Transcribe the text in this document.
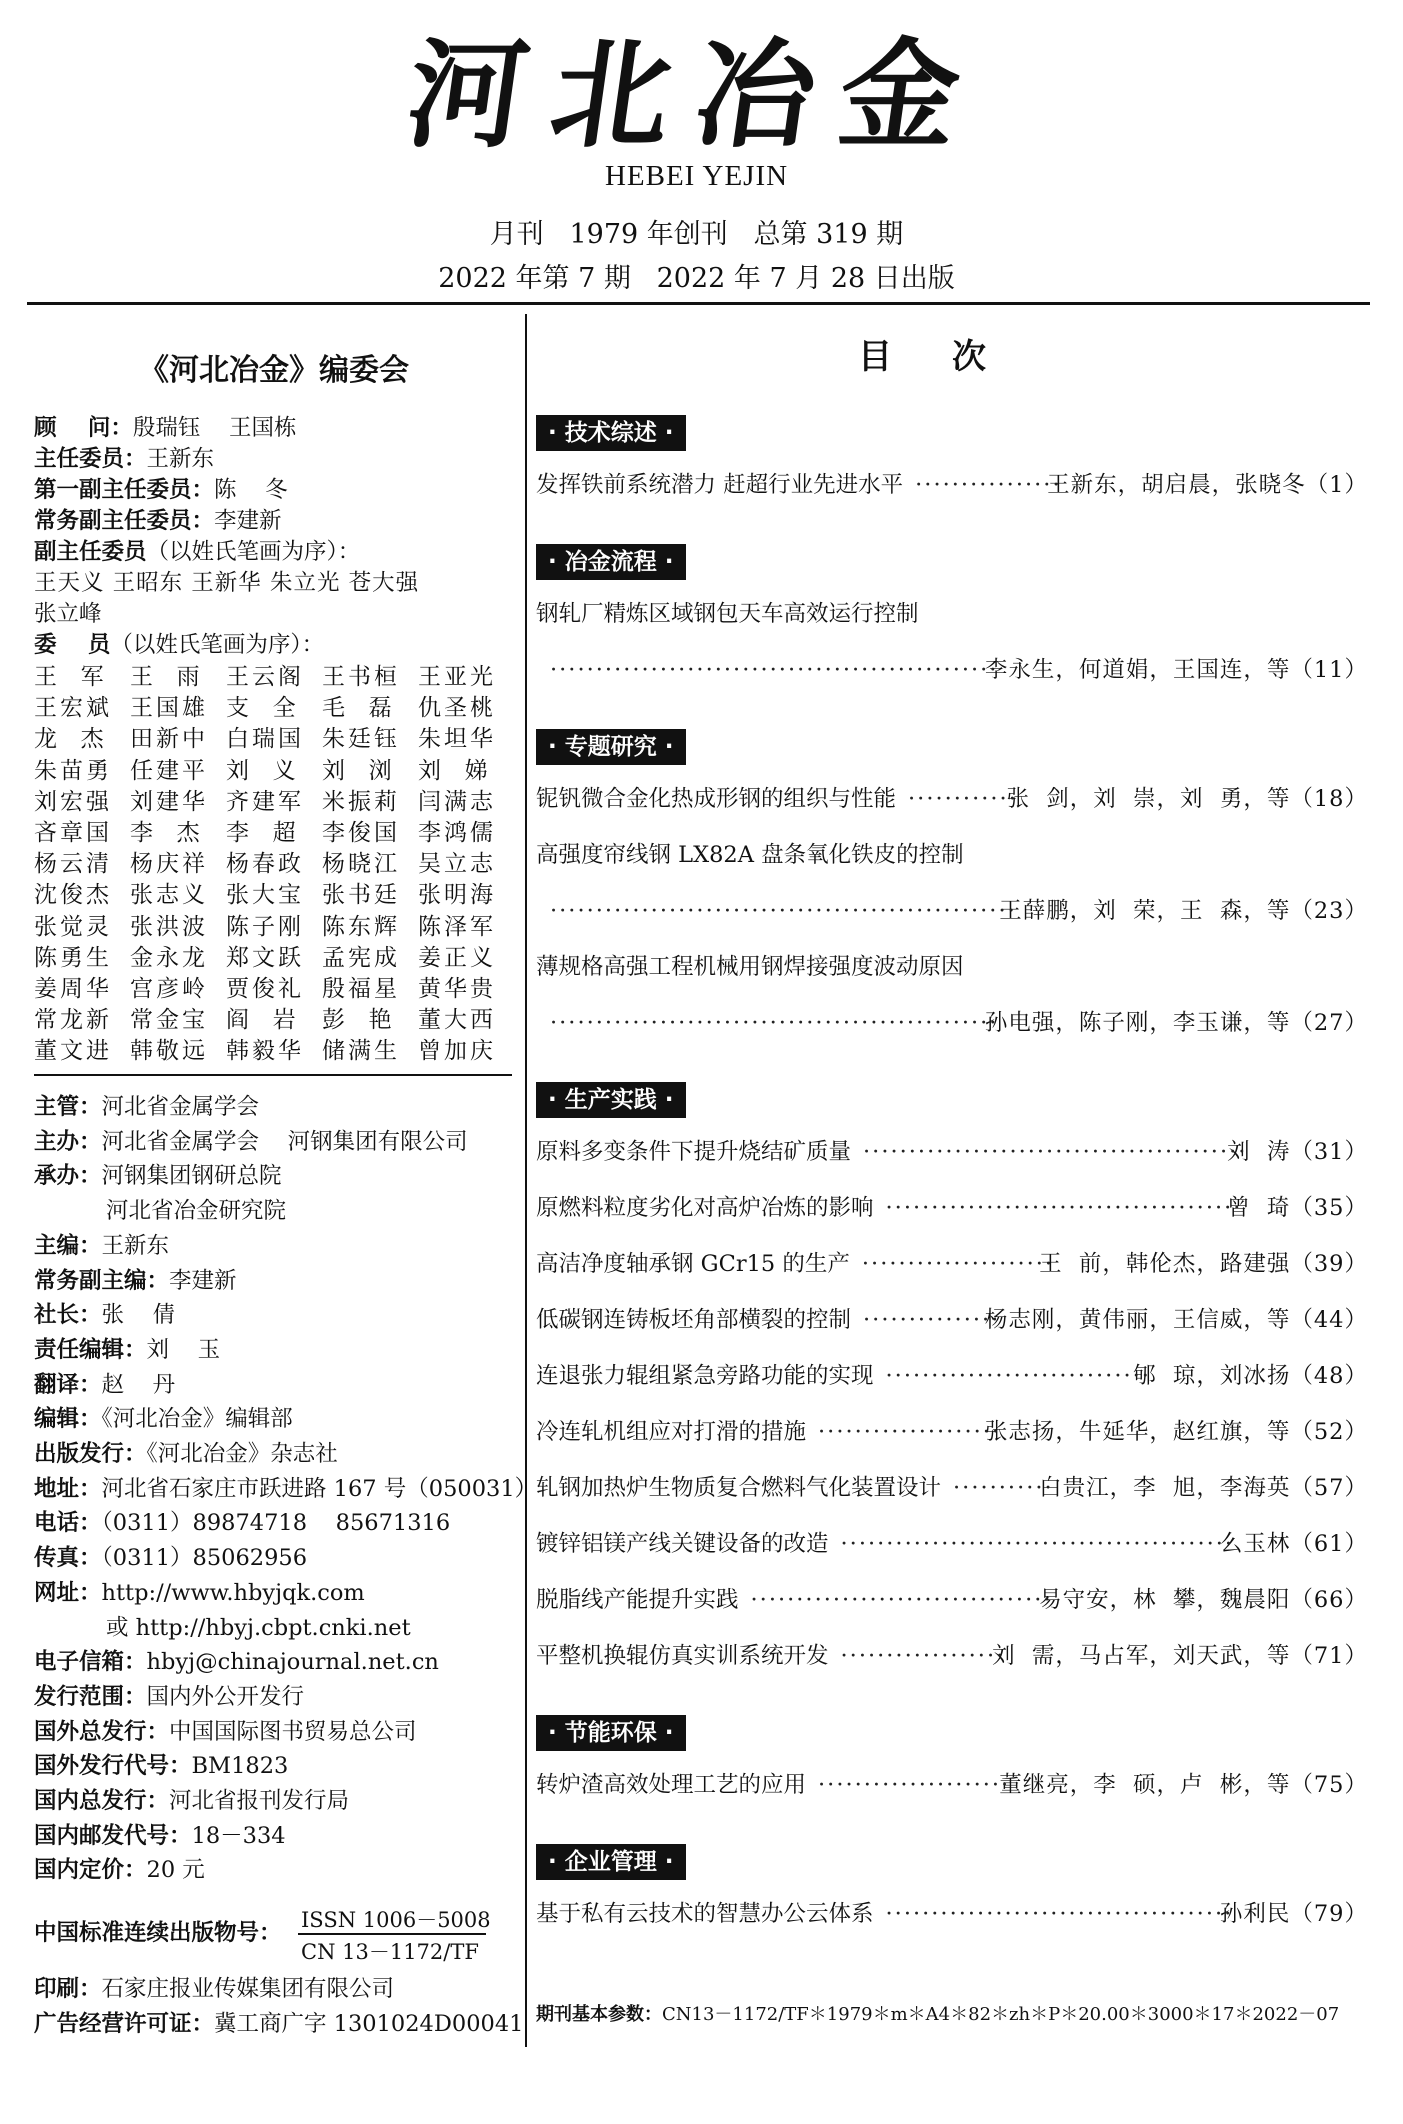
河北冶金
HEBEI YEJIN
月刊   1979 年创刊   总第 319 期
2022 年第 7 期   2022 年 7 月 28 日出版
《河北冶金》编委会
顾    问：殷瑞钰    王国栋
主任委员：王新东
第一副主任委员：陈    冬
常务副主任委员：李建新
副主任委员（以姓氏笔画为序）：
王天义 王昭东 王新华 朱立光 苍大强
张立峰
委    员（以姓氏笔画为序）：
王  军	王  雨	王云阁 王书桓 王亚光
王宏斌 王国雄 支  全	毛  磊	仇圣桃
龙  杰	田新中 白瑞国 朱廷钰 朱坦华
朱苗勇 任建平 刘  义	刘  浏	刘  娣
刘宏强 刘建华 齐建军 米振莉 闫满志
吝章国 李  杰	李  超	李俊国 李鸿儒
杨云清 杨庆祥 杨春政 杨晓江 吴立志
沈俊杰 张志义 张大宝 张书廷 张明海
张觉灵 张洪波 陈子刚 陈东辉 陈泽军
陈勇生 金永龙 郑文跃 孟宪成 姜正义
姜周华 宫彦岭 贾俊礼 殷福星 黄华贵
常龙新 常金宝 阎  岩	彭  艳	董大西
董文进 韩敬远 韩毅华 储满生 曾加庆
主管：河北省金属学会
主办：河北省金属学会    河钢集团有限公司
承办：河钢集团钢研总院
河北省冶金研究院
主编：王新东
常务副主编：李建新
社长：张    倩
责任编辑：刘    玉
翻译：赵    丹
编辑：《河北冶金》编辑部
出版发行：《河北冶金》杂志社
地址：河北省石家庄市跃进路 167 号（050031）
电话：（0311）89874718    85671316
传真：（0311）85062956
网址：http://www.hbyjqk.com
或 http://hbyj.cbpt.cnki.net
电子信箱：hbyj@chinajournal.net.cn
发行范围：国内外公开发行
国外总发行：中国国际图书贸易总公司
国外发行代号：BM1823
国内总发行：河北省报刊发行局
国内邮发代号：18－334
国内定价：20 元
中国标准连续出版物号： ISSN 1006－5008
CN 13－1172/TF
印刷：石家庄报业传媒集团有限公司
广告经营许可证：冀工商广字 1301024D00041
目次
· 技术综述 ·
发挥铁前系统潜力 赶超行业先进水平	王新东，胡启晨，张晓冬（1）
················
· 冶金流程 ·
钢轧厂精炼区域钢包天车高效运行控制
李永生，何道娟，王国连，等（11）
·················································
· 专题研究 ·
铌钒微合金化热成形钢的组织与性能	张  剑，刘  崇，刘  勇，等（18）
············
高强度帘线钢 LX82A 盘条氧化铁皮的控制
王薛鹏，刘  荣，王  森，等（23）
···················································
薄规格高强工程机械用钢焊接强度波动原因
孙电强，陈子刚，李玉谦，等（27）
·················································
· 生产实践 ·
原料多变条件下提升烧结矿质量	刘  涛（31）
··········································
原燃料粒度劣化对高炉冶炼的影响	曾  琦（35）
·······································
高洁净度轴承钢 GCr15 的生产	王  前，韩伦杰，路建强（39）
·····················
低碳钢连铸板坯角部横裂的控制	杨志刚，黄伟丽，王信威，等（44）
···············
连退张力辊组紧急旁路功能的实现	郇  琼，刘冰扬（48）
·····························
冷连轧机组应对打滑的措施	张志扬，牛延华，赵红旗，等（52）
····················
轧钢加热炉生物质复合燃料气化装置设计	白贵江，李  旭，李海英（57）
···········
镀锌铝镁产线关键设备的改造	么玉林（61）
···········································
脱脂线产能提升实践	易守安，林  攀，魏晨阳（66）
·································
平整机换辊仿真实训系统开发	刘  需，马占军，刘天武，等（71）
··················
· 节能环保 ·
转炉渣高效处理工艺的应用	董继亮，李  硕，卢  彬，等（75）
·····················
· 企业管理 ·
基于私有云技术的智慧办公云体系	孙利民（79）
······································
期刊基本参数：CN13－1172/TF＊1979＊m＊A4＊82＊zh＊P＊20.00＊3000＊17＊2022－07
